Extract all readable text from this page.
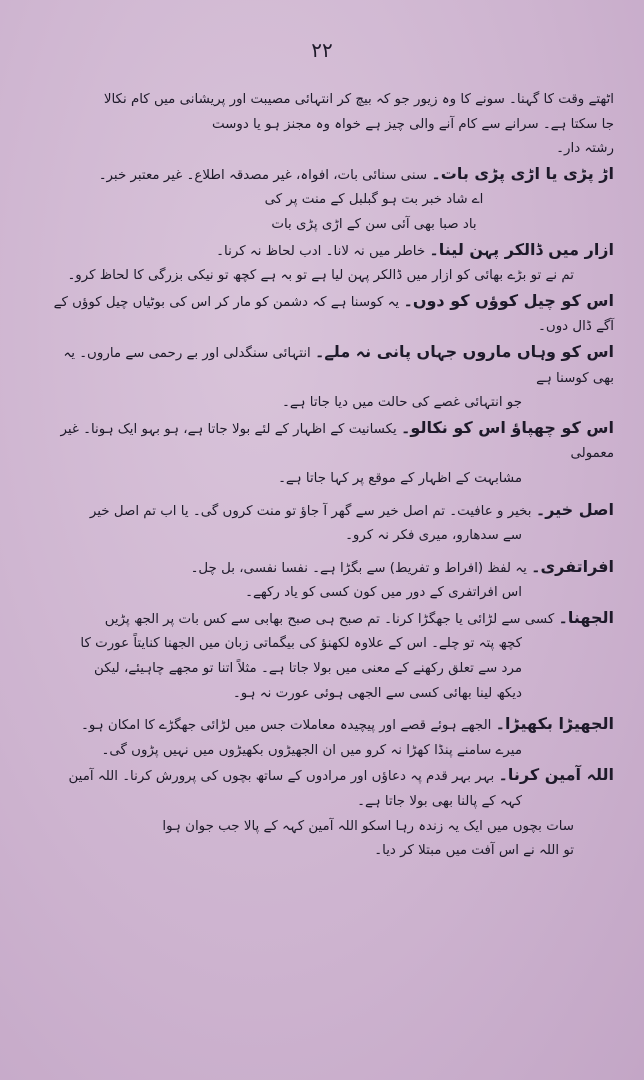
۲۲

اٹھتے وقت کا گہنا۔ سونے کا وہ زیور جو کہ بیچ کر انتہائی مصیبت اور پریشانی میں کام نکالا

جا سکتا ہے۔ سرانے سے کام آنے والی چیز ہے خواہ وہ مجنز ہو یا دوست

رشتہ دار۔

اڑ پڑی یا اڑی پڑی بات۔ سنی سنائی بات، افواہ، غیر مصدقہ اطلاع۔ غیر معتبر خبر۔

اے شاد خبر بت ہو گبلبل کے منت پر کی

باد صبا بھی آئی سن کے اڑی پڑی بات

ازار میں ڈالکر پہن لینا۔ خاطر میں نہ لانا۔ ادب لحاظ نہ کرنا۔

تم نے تو بڑے بھائی کو ازار میں ڈالکر پہن لیا ہے تو بہ ہے کچھ تو نیکی بزرگی کا لحاظ کرو۔

اس کو چیل کوؤں کو دوں۔ یہ کوسنا ہے کہ دشمن کو مار کر اس کی بوٹیاں چیل کوؤں کے آگے ڈال دوں۔

اس کو وہاں ماروں جہاں پانی نہ ملے۔ انتہائی سنگدلی اور بے رحمی سے ماروں۔ یہ بھی کوسنا ہے

جو انتہائی غصے کی حالت میں دیا جاتا ہے۔

اس کو چھپاؤ اس کو نکالو۔ یکسانیت کے اظہار کے لئے بولا جاتا ہے، ہو بہو ایک ہونا۔ غیر معمولی

مشابہت کے اظہار کے موقع پر کہا جاتا ہے۔

اصل خیر۔ بخیر و عافیت۔ تم اصل خیر سے گھر آ جاؤ تو منت کروں گی۔ یا اب تم اصل خیر

سے سدھارو، میری فکر نہ کرو۔

افراتفری۔ یہ لفظ (افراط و تفریط) سے بگڑا ہے۔ نفسا نفسی، بل چل۔

اس افراتفری کے دور میں کون کسی کو یاد رکھے۔

الجھنا۔ کسی سے لڑائی یا جھگڑا کرنا۔ تم صبح ہی صبح بھابی سے کس بات پر الجھ پڑیں

کچھ پتہ تو چلے۔ اس کے علاوہ لکھنؤ کی بیگماتی زبان میں الجھنا کنایتاً عورت کا

مرد سے تعلق رکھنے کے معنی میں بولا جاتا ہے۔ مثلاً اتنا تو مجھے چاہیئے، لیکن

دیکھ لینا بھائی کسی سے الجھی ہوئی عورت نہ ہو۔

الجھیڑا بکھیڑا۔ الجھے ہوئے قصے اور پیچیدہ معاملات جس میں لڑائی جھگڑے کا امکان ہو۔

میرے سامنے پنڈا کھڑا نہ کرو میں ان الجھیڑوں بکھیڑوں میں نہیں پڑوں گی۔

اللہ آمین کرنا۔ بہر بہر قدم پہ دعاؤں اور مرادوں کے ساتھ بچوں کی پرورش کرنا۔ اللہ آمین

کہہ کے پالنا بھی بولا جاتا ہے۔

سات بچوں میں ایک یہ زندہ رہا اسکو اللہ آمین کہہ کے پالا جب جوان ہوا

تو اللہ نے اس آفت میں مبتلا کر دیا۔
